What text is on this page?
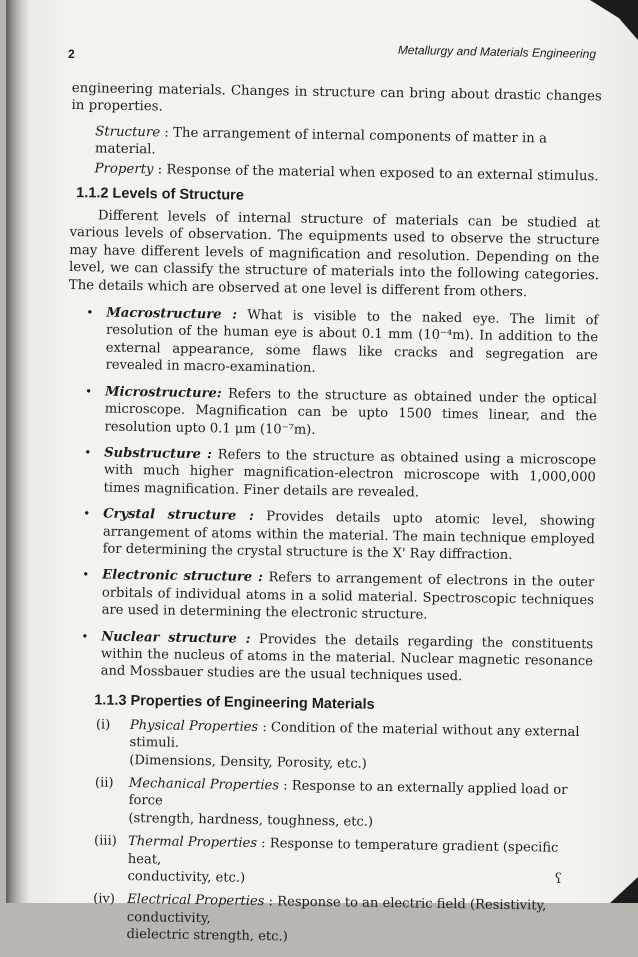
2	Metallurgy and Materials Engineering

engineering materials. Changes in structure can bring about drastic changes in properties.

Structure : The arrangement of internal components of matter in a material.

Property : Response of the material when exposed to an external stimulus.

1.1.2 Levels of Structure

Different levels of internal structure of materials can be studied at various levels of observation. The equipments used to observe the structure may have different levels of magnification and resolution. Depending on the level, we can classify the structure of materials into the following categories. The details which are observed at one level is different from others.

• Macrostructure : What is visible to the naked eye. The limit of resolution of the human eye is about 0.1 mm (10⁻⁴m). In addition to the external appearance, some flaws like cracks and segregation are revealed in macro-examination.
• Microstructure: Refers to the structure as obtained under the optical microscope. Magnification can be upto 1500 times linear, and the resolution upto 0.1 μm (10⁻⁷m).
• Substructure : Refers to the structure as obtained using a microscope with much higher magnification-electron microscope with 1,000,000 times magnification. Finer details are revealed.
• Crystal structure : Provides details upto atomic level, showing arrangement of atoms within the material. The main technique employed for determining the crystal structure is the X' Ray diffraction.
• Electronic structure : Refers to arrangement of electrons in the outer orbitals of individual atoms in a solid material. Spectroscopic techniques are used in determining the electronic structure.
• Nuclear structure : Provides the details regarding the constituents within the nucleus of atoms in the material. Nuclear magnetic resonance and Mossbauer studies are the usual techniques used.
1.1.3 Properties of Engineering Materials
(i) Physical Properties : Condition of the material without any external stimuli.
(Dimensions, Density, Porosity, etc.)
(ii) Mechanical Properties : Response to an externally applied load or force
(strength, hardness, toughness, etc.)
(iii) Thermal Properties : Response to temperature gradient (specific heat,
conductivity, etc.)
(iv) Electrical Properties : Response to an electric field (Resistivity, conductivity,
dielectric strength, etc.)
ʕ
